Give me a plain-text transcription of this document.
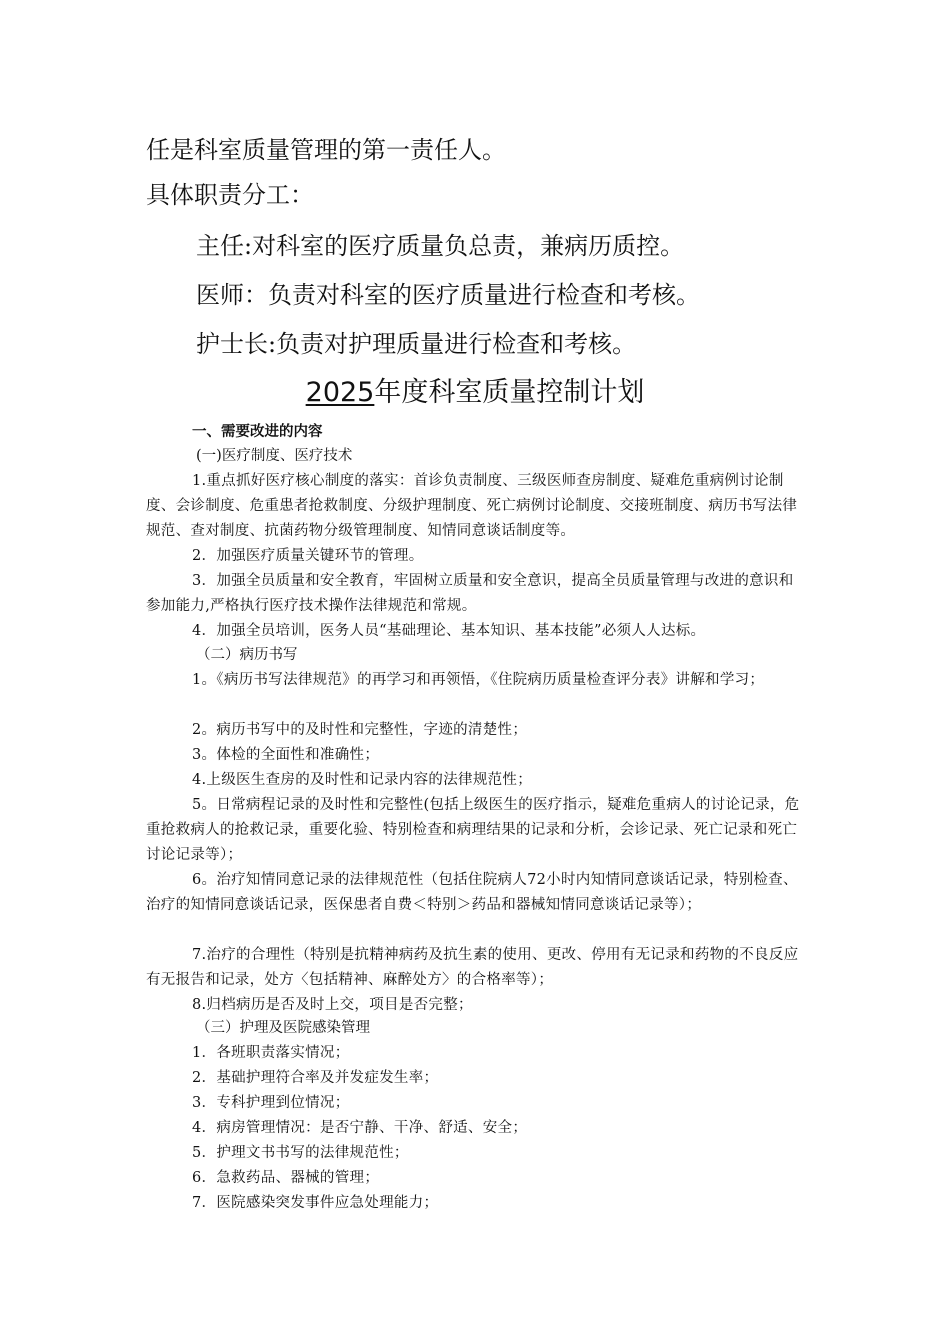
任是科室质量管理的第一责任人。
具体职责分工：
主任:对科室的医疗质量负总责，兼病历质控。
医师：负责对科室的医疗质量进行检查和考核。
护士长:负责对护理质量进行检查和考核。
2025年度科室质量控制计划
一、需要改进的内容
(一)医疗制度、医疗技术
1.重点抓好医疗核心制度的落实：首诊负责制度、三级医师查房制度、疑难危重病例讨论制度、会诊制度、危重患者抢救制度、分级护理制度、死亡病例讨论制度、交接班制度、病历书写法律规范、查对制度、抗菌药物分级管理制度、知情同意谈话制度等。
2．加强医疗质量关键环节的管理。
3．加强全员质量和安全教育，牢固树立质量和安全意识，提高全员质量管理与改进的意识和参加能力,严格执行医疗技术操作法律规范和常规。
4．加强全员培训，医务人员“基础理论、基本知识、基本技能”必须人人达标。
（二）病历书写
1。《病历书写法律规范》的再学习和再领悟，《住院病历质量检查评分表》讲解和学习；
2。病历书写中的及时性和完整性，字迹的清楚性；
3。体检的全面性和准确性；
4.上级医生查房的及时性和记录内容的法律规范性；
5。日常病程记录的及时性和完整性(包括上级医生的医疗指示，疑难危重病人的讨论记录，危重抢救病人的抢救记录，重要化验、特别检查和病理结果的记录和分析，会诊记录、死亡记录和死亡讨论记录等）；
6。治疗知情同意记录的法律规范性（包括住院病人72小时内知情同意谈话记录，特别检查、治疗的知情同意谈话记录，医保患者自费＜特别＞药品和器械知情同意谈话记录等）；
7.治疗的合理性（特别是抗精神病药及抗生素的使用、更改、停用有无记录和药物的不良反应有无报告和记录，处方〈包括精神、麻醉处方〉的合格率等）；
8.归档病历是否及时上交，项目是否完整；
（三）护理及医院感染管理
1．各班职责落实情况；
2．基础护理符合率及并发症发生率；
3．专科护理到位情况；
4．病房管理情况：是否宁静、干净、舒适、安全；
5．护理文书书写的法律规范性；
6．急救药品、器械的管理；
7．医院感染突发事件应急处理能力；
